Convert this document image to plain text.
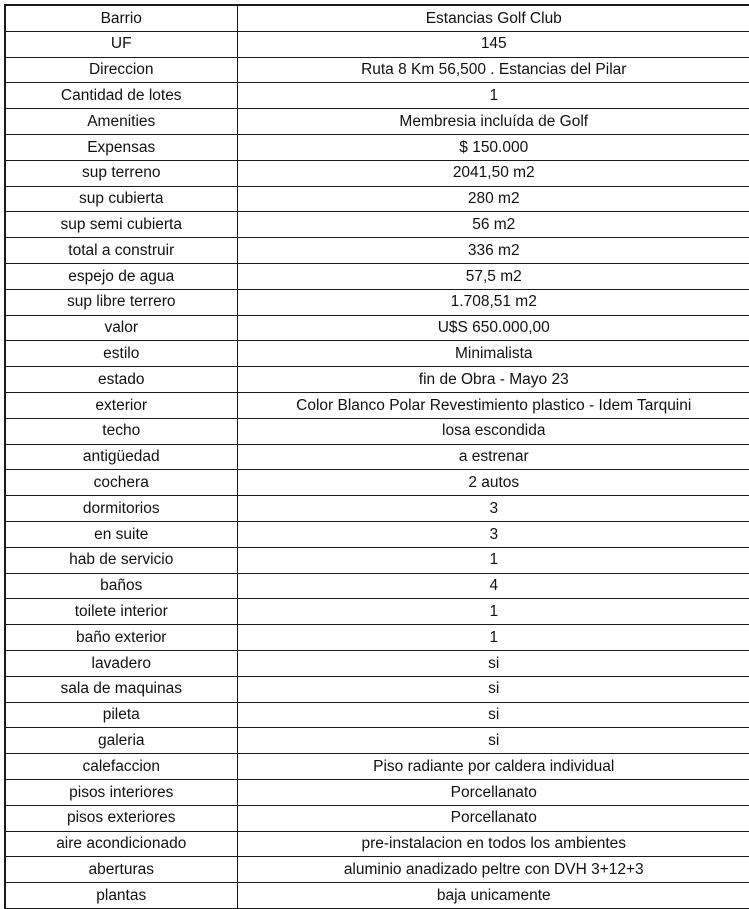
Barrio	Estancias Golf Club
UF	145
Direccion	Ruta 8 Km 56,500 . Estancias del Pilar
Cantidad de lotes	1
Amenities	Membresia incluída de Golf
Expensas	$ 150.000
sup terreno	2041,50 m2
sup cubierta	280 m2
sup semi cubierta	56 m2
total a construir	336 m2
espejo de agua	57,5 m2
sup libre terrero	1.708,51 m2
valor	U$S 650.000,00
estilo	Minimalista
estado	fin de Obra - Mayo 23
exterior	Color Blanco Polar Revestimiento plastico - Idem Tarquini
techo	losa escondida
antigüedad	a estrenar
cochera	2 autos
dormitorios	3
en suite	3
hab de servicio	1
baños	4
toilete interior	1
baño exterior	1
lavadero	si
sala de maquinas	si
pileta	si
galeria	si
calefaccion	Piso radiante por caldera individual
pisos interiores	Porcellanato
pisos exteriores	Porcellanato
aire acondicionado	pre-instalacion en todos los ambientes
aberturas	aluminio anadizado peltre con DVH 3+12+3
plantas	baja unicamente
